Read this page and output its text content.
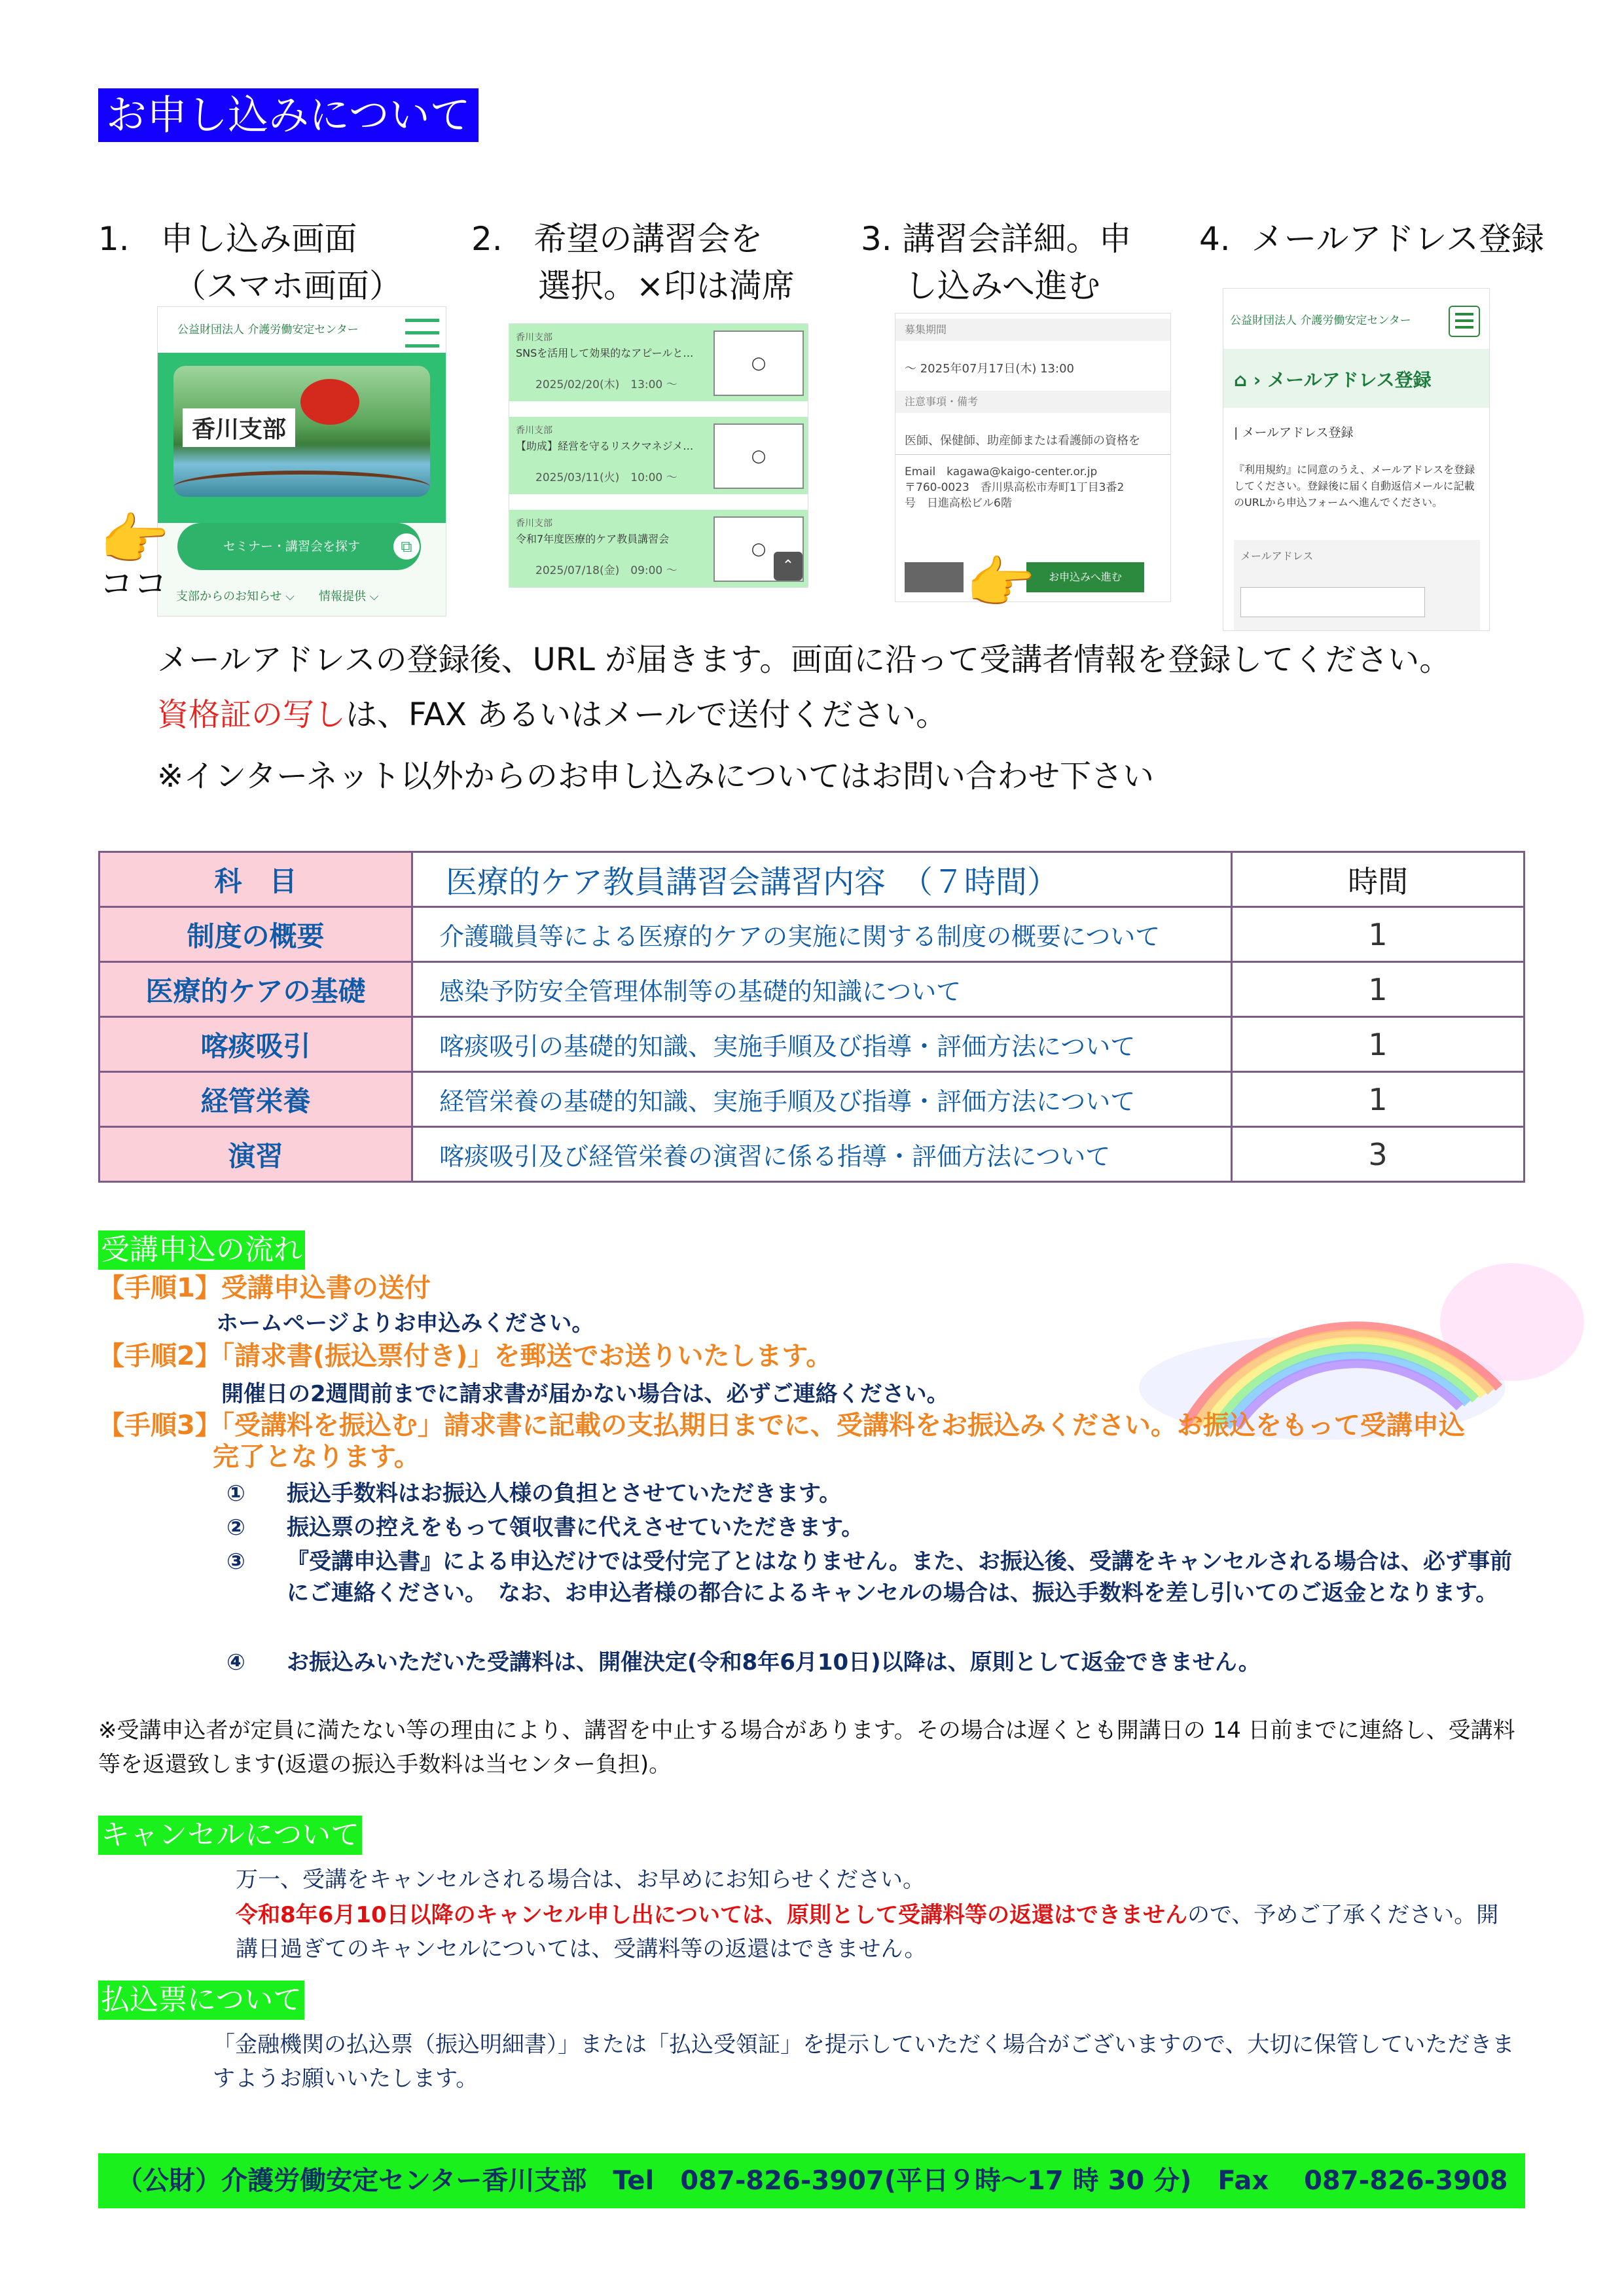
お申し込みについて
1. 申し込み画面
（スマホ画面）
2. 希望の講習会を
選択。×印は満席
3. 講習会詳細。申
し込みへ進む
4. メールアドレス登録
公益財団法人 介護労働安定センター
香川支部
セミナー・講習会を探す	⧉
支部からのお知らせ ⌵ 情報提供 ⌵
👉
ココ
香川支部
SNSを活用して効果的なアピールと…
2025/02/20(木)　13:00 ～
○
香川支部
【助成】経営を守るリスクマネジメ…
2025/03/11(火)　10:00 ～
○
香川支部
令和7年度医療的ケア教員講習会
2025/07/18(金)　09:00 ～
○
⌃
募集期間
～ 2025年07月17日(木) 13:00
注意事項・備考
医師、保健師、助産師または看護師の資格を
Email　kagawa@kaigo-center.or.jp
〒760-0023　香川県高松市寿町1丁目3番2
号　日進高松ビル6階
お申込みへ進む
👉
公益財団法人 介護労働安定センター
⌂ › メールアドレス登録
| メールアドレス登録
『利用規約』に同意のうえ、メールアドレスを登録してください。登録後に届く自動返信メールに記載のURLから申込フォームへ進んでください。
メールアドレス
メールアドレスの登録後、URL が届きます。画面に沿って受講者情報を登録してください。
資格証の写しは、FAX あるいはメールで送付ください。
※インターネット以外からのお申し込みについてはお問い合わせ下さい
科　目	医療的ケア教員講習会講習内容　（７時間）	時間
制度の概要	介護職員等による医療的ケアの実施に関する制度の概要について	1
医療的ケアの基礎	感染予防安全管理体制等の基礎的知識について	1
喀痰吸引	喀痰吸引の基礎的知識、実施手順及び指導・評価方法について	1
経管栄養	経管栄養の基礎的知識、実施手順及び指導・評価方法について	1
演習	喀痰吸引及び経管栄養の演習に係る指導・評価方法について	3
受講申込の流れ
【手順1】受講申込書の送付
ホームページよりお申込みください。
【手順2】「請求書(振込票付き)」を郵送でお送りいたします。
開催日の2週間前までに請求書が届かない場合は、必ずご連絡ください。
【手順3】「受講料を振込む」請求書に記載の支払期日までに、受講料をお振込みください。お振込をもって受講申込
完了となります。
① 振込手数料はお振込人様の負担とさせていただきます。
② 振込票の控えをもって領収書に代えさせていただきます。
③ 『受講申込書』による申込だけでは受付完了とはなりません。また、お振込後、受講をキャンセルされる場合は、必ず事前にご連絡ください。　なお、お申込者様の都合によるキャンセルの場合は、振込手数料を差し引いてのご返金となります。
④ お振込みいただいた受講料は、開催決定(令和8年6月10日)以降は、原則として返金できません。
※受講申込者が定員に満たない等の理由により、講習を中止する場合があります。その場合は遅くとも開講日の 14 日前までに連絡し、受講料等を返還致します(返還の振込手数料は当センター負担)。
キャンセルについて
万一、受講をキャンセルされる場合は、お早めにお知らせください。
令和8年6月10日以降のキャンセル申し出については、原則として受講料等の返還はできませんので、予めご了承ください。開講日過ぎてのキャンセルについては、受講料等の返還はできません。
払込票について
「金融機関の払込票（振込明細書）」または「払込受領証」を提示していただく場合がございますので、大切に保管していただきますようお願いいたします。
（公財）介護労働安定センター香川支部　Tel　087-826-3907(平日９時～17 時 30 分)　Fax　 087-826-3908
